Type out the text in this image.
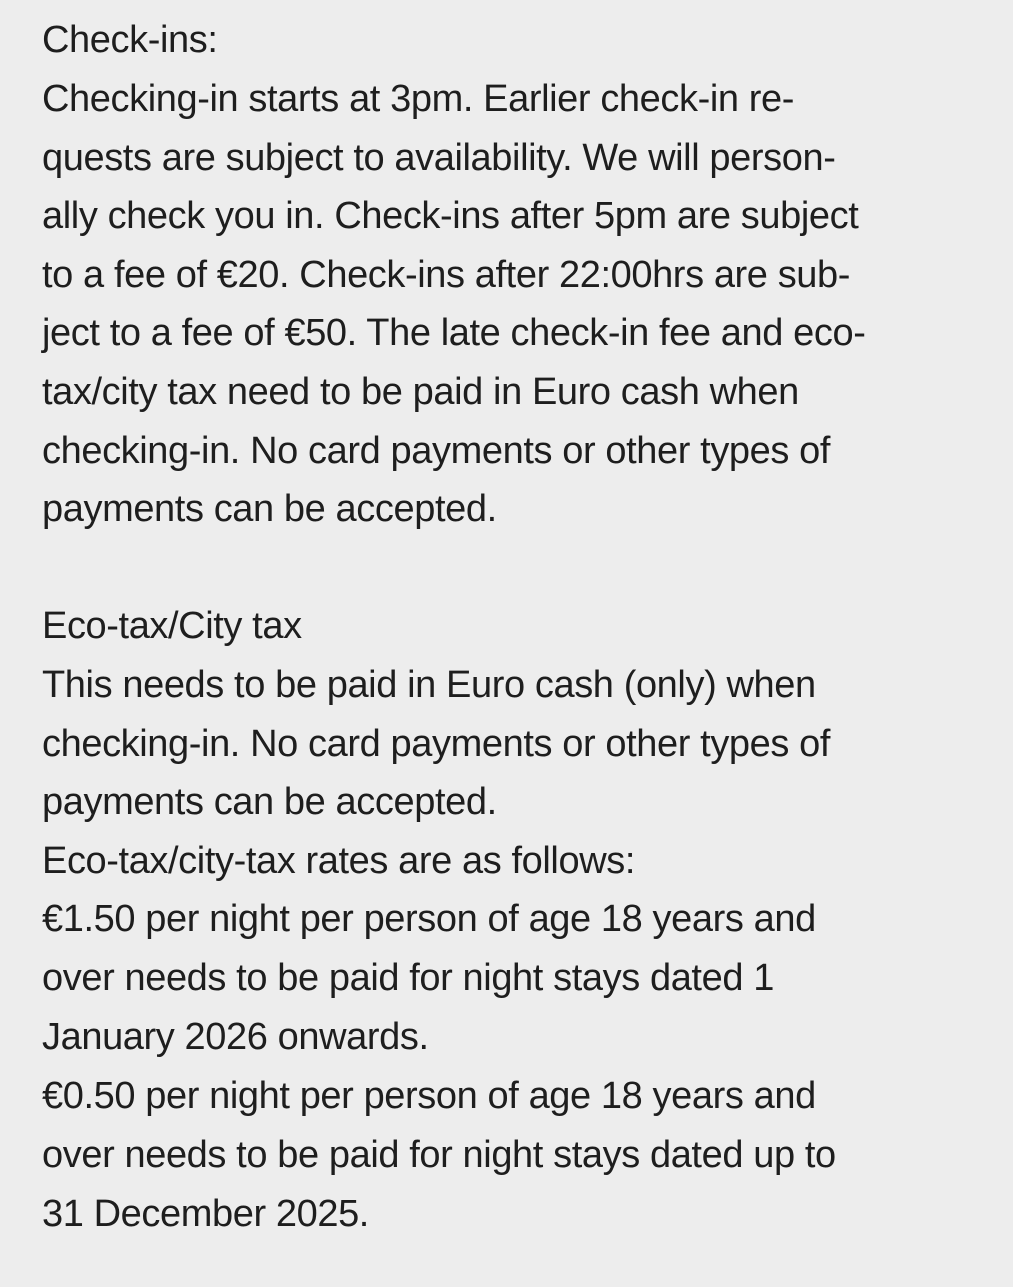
Check-ins:

Checking-in starts at 3pm. Earlier check-in re-

quests are subject to availability. We will person-

ally check you in. Check-ins after 5pm are subject

to a fee of €20. Check-ins after 22:00hrs are sub-

ject to a fee of €50. The late check-in fee and eco-

tax/city tax need to be paid in Euro cash when

checking-in. No card payments or other types of

payments can be accepted.

Eco-tax/City tax

This needs to be paid in Euro cash (only) when

checking-in. No card payments or other types of

payments can be accepted.

Eco-tax/city-tax rates are as follows:

€1.50 per night per person of age 18 years and

over needs to be paid for night stays dated 1

January 2026 onwards.

€0.50 per night per person of age 18 years and

over needs to be paid for night stays dated up to

31 December 2025.
